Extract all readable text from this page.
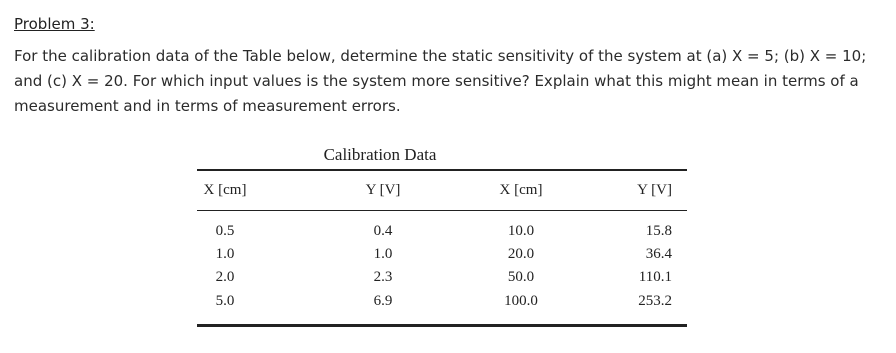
Problem 3:
For the calibration data of the Table below, determine the static sensitivity of the system at (a) X = 5; (b) X = 10; and (c) X = 20. For which input values is the system more sensitive? Explain what this might mean in terms of a measurement and in terms of measurement errors.
Calibration Data
X [cm]	Y [V]	X [cm]	Y [V]
0.5	0.4	10.0	15.8
1.0	1.0	20.0	36.4
2.0	2.3	50.0	110.1
5.0	6.9	100.0	253.2
